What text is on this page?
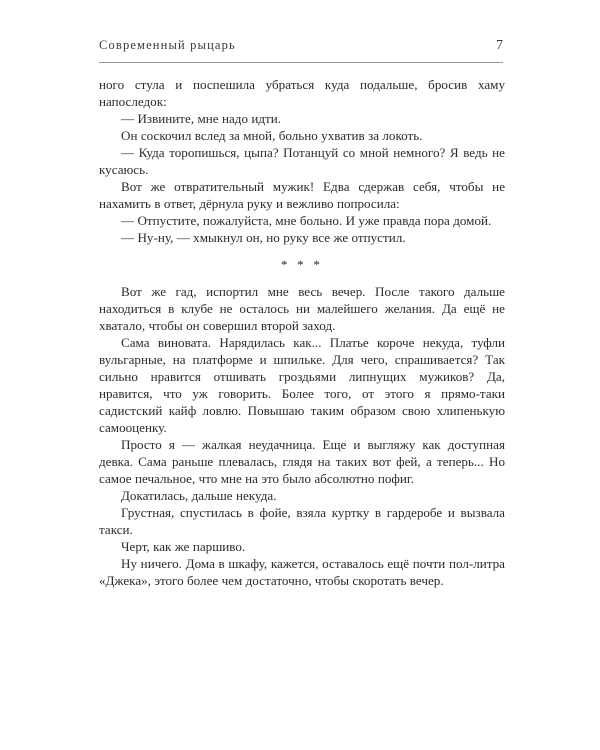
Современный рыцарь	7

ного стула и поспешила убраться куда подальше, бросив хаму напоследок:

— Извините, мне надо идти.

Он соскочил вслед за мной, больно ухватив за локоть.

— Куда торопишься, цыпа? Потанцуй со мной немного? Я ведь не кусаюсь.

Вот же отвратительный мужик! Едва сдержав себя, чтобы не нахамить в ответ, дёрнула руку и вежливо попросила:

— Отпустите, пожалуйста, мне больно. И уже правда пора домой.

— Ну-ну, — хмыкнул он, но руку все же отпустил.

* * *

Вот же гад, испортил мне весь вечер. После такого дальше находиться в клубе не осталось ни малейшего желания. Да ещё не хватало, чтобы он совершил второй заход.

Сама виновата. Нарядилась как... Платье короче некуда, туфли вульгарные, на платформе и шпильке. Для чего, спрашивается? Так сильно нравится отшивать гроздьями липнущих мужиков? Да, нравится, что уж говорить. Более того, от этого я прямо-таки садистский кайф ловлю. Повышаю таким образом свою хлипенькую самооценку.

Просто я — жалкая неудачница. Еще и выгляжу как доступная девка. Сама раньше плевалась, глядя на таких вот фей, а теперь... Но самое печальное, что мне на это было абсолютно пофиг.

Докатилась, дальше некуда.

Грустная, спустилась в фойе, взяла куртку в гардеробе и вызвала такси.

Черт, как же паршиво.

Ну ничего. Дома в шкафу, кажется, оставалось ещё почти пол-литра «Джека», этого более чем достаточно, чтобы скоротать вечер.
